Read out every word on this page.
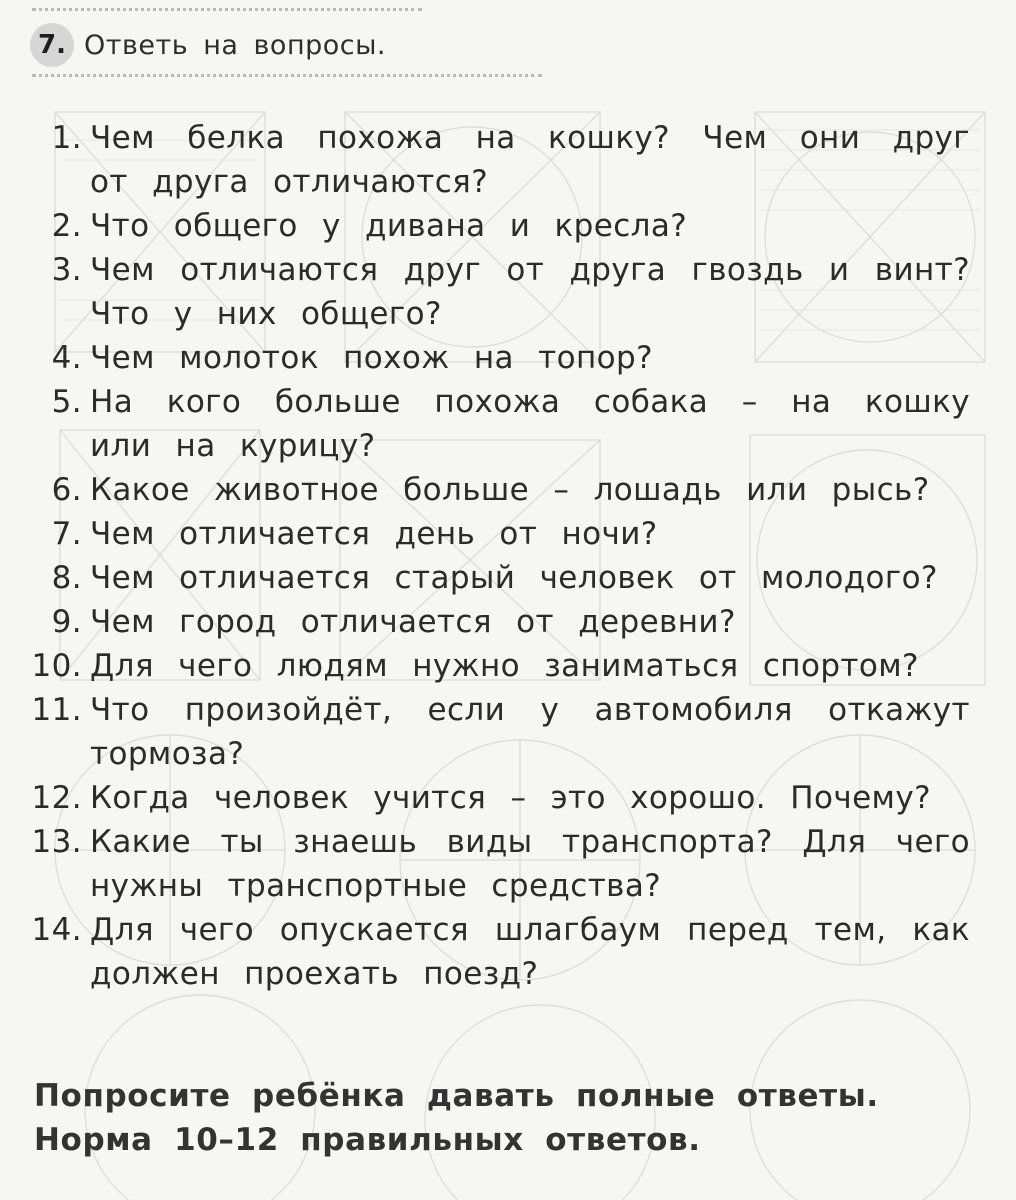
7. Ответь на вопросы.
1. Чем белка похожа на кошку? Чем они друг от друга отличаются?
2. Что общего у дивана и кресла?
3. Чем отличаются друг от друга гвоздь и винт? Что у них общего?
4. Чем молоток похож на топор?
5. На кого больше похожа собака – на кошку или на курицу?
6. Какое животное больше – лошадь или рысь?
7. Чем отличается день от ночи?
8. Чем отличается старый человек от молодого?
9. Чем город отличается от деревни?
10. Для чего людям нужно заниматься спортом?
11. Что произойдёт, если у автомобиля откажут тормоза?
12. Когда человек учится – это хорошо. Почему?
13. Какие ты знаешь виды транспорта? Для чего нужны транспортные средства?
14. Для чего опускается шлагбаум перед тем, как должен проехать поезд?
Попросите ребёнка давать полные ответы.
Норма 10–12 правильных ответов.
